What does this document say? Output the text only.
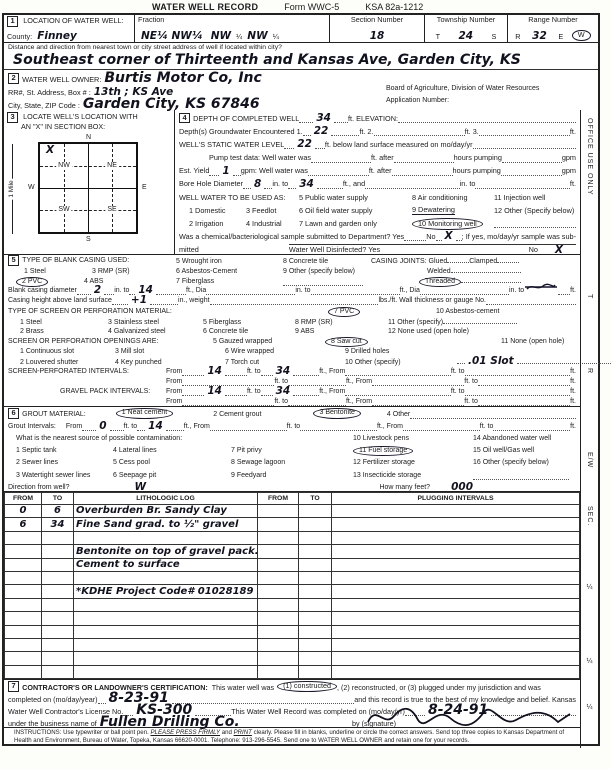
WATER WELL RECORD	Form WWC-5	KSA 82a-1212
1 LOCATION OF WATER WELL:
County: Finney
Fraction
NE¼ NW¼ NW ¼ NW ¼
Section Number
18
Township Number
T 24	S
Range Number
R 32	E	W
Distance and direction from nearest town or city street address of well if located within city?
Southeast corner of Thirteenth and Kansas Ave, Garden City, KS
2 WATER WELL OWNER: Burtis Motor Co, Inc
RR#, St. Address, Box # : 13th ; KS Ave
City, State, ZIP Code : Garden City, KS 67846
Board of Agriculture, Division of Water Resources
Application Number:
3 LOCATE WELL'S LOCATION WITH
AN "X" IN SECTION BOX:
1 Mile
N
S
W	E
NW	NE
SW	SE
X
4 DEPTH OF COMPLETED WELL 34	ft. ELEVATION:
Depth(s) Groundwater Encountered 1. 22	ft. 2.	ft. 3.	ft.
WELL'S STATIC WATER LEVEL 22	ft. below land surface measured on mo/day/yr
Pump test data: Well water was	ft. after	hours pumping	gpm
Est. Yield 1	gpm: Well water was	ft. after	hours pumping	gpm
Bore Hole Diameter 8	in. to 34	ft., and	in. to	ft.
WELL WATER TO BE USED AS:	5 Public water supply	8 Air conditioning	11 Injection well
1 Domestic	3 Feedlot	6 Oil field water supply	9 Dewatering	12 Other (Specify below)
2 Irrigation	4 Industrial	7 Lawn and garden only	10 Monitoring well
Was a chemical/bacteriological sample submitted to Department? Yes	No X	; If yes, mo/day/yr sample was sub-
mitted	Water Well Disinfected? Yes	No X
5 TYPE OF BLANK CASING USED:	5 Wrought iron	8 Concrete tile	CASING JOINTS: Glued	Clamped
1 Steel	3 RMP (SR)	6 Asbestos-Cement	9 Other (specify below)	Welded
2 PVC	4 ABS	7 Fiberglass	Threaded
Blank casing diameter 2	in. to 14	ft., Dia	in. to	ft., Dia	in. to	ft.
Casing height above land surface +1	in., weight	lbs./ft. Wall thickness or gauge No.
TYPE OF SCREEN OR PERFORATION MATERIAL:	7 PVC	10 Asbestos-cement
1 Steel	3 Stainless steel	5 Fiberglass	8 RMP (SR)	11 Other (specify)
2 Brass	4 Galvanized steel	6 Concrete tile	9 ABS	12 None used (open hole)
SCREEN OR PERFORATION OPENINGS ARE:	5 Gauzed wrapped	8 Saw cut	11 None (open hole)
1 Continuous slot	3 Mill slot	6 Wire wrapped	9 Drilled holes
2 Louvered shutter	4 Key punched	7 Torch cut	10 Other (specify)	.01 Slot
SCREEN-PERFORATED INTERVALS:	From 14	ft. to 34	ft., From	ft. to	ft.
From	ft. to	ft., From	ft. to	ft.
GRAVEL PACK INTERVALS:	From 14	ft. to 34	ft., From	ft. to	ft.
From	ft. to	ft., From	ft. to	ft.
6 GROUT MATERIAL:	1 Neat cement	2 Cement grout	3 Bentonite	4 Other
Grout Intervals: From 0	ft. to 14	ft., From	ft. to	ft., From	ft. to	ft.
What is the nearest source of possible contamination:	10 Livestock pens	14 Abandoned water well
1 Septic tank	4 Lateral lines	7 Pit privy	11 Fuel storage	15 Oil well/Gas well
2 Sewer lines	5 Cess pool	8 Sewage lagoon	12 Fertilizer storage	16 Other (specify below)
3 Watertight sewer lines	6 Seepage pit	9 Feedyard	13 Insecticide storage
Direction from well?	W	How many feet? 000
FROM	TO	LITHOLOGIC LOG	FROM	TO	PLUGGING INTERVALS
0	6	Overburden Br. Sandy Clay			
6	34	Fine Sand grad. to ½" gravel			

		Bentonite on top of gravel pack.			
		Cement to surface			

		*KDHE Project Code# 01028189			

7 CONTRACTOR'S OR LANDOWNER'S CERTIFICATION: This water well was	(1) constructed , (2) reconstructed, or (3) plugged under my jurisdiction and was
completed on (mo/day/year) 8-23-91	and this record is true to the best of my knowledge and belief. Kansas
Water Well Contractor's License No. KS-300	This Water Well Record was completed on (mo/day/yr) 8-24-91
under the business name of Fullen Drilling Co.	by (signature)
INSTRUCTIONS: Use typewriter or ball point pen. PLEASE PRESS FIRMLY and PRINT clearly. Please fill in blanks, underline or circle the correct answers. Send top three copies to Kansas Department of Health and Environment, Bureau of Water, Topeka, Kansas 66620-0001. Telephone: 913-296-5545. Send one to WATER WELL OWNER and retain one for your records.
OFFICE USE ONLY
T
R
E/W
SEC.
¼
¼
¼
